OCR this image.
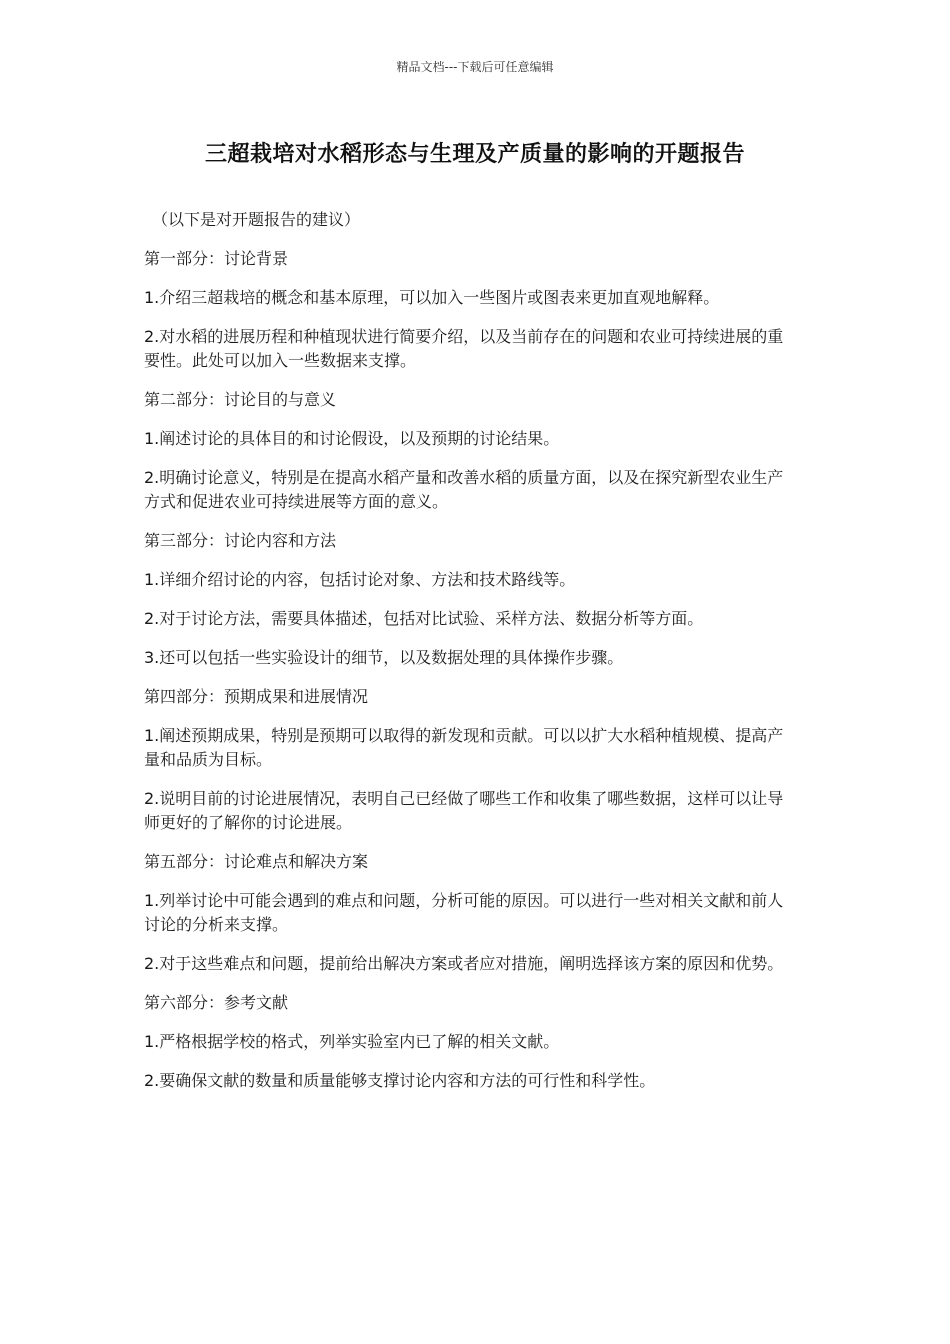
精品文档---下载后可任意编辑
三超栽培对水稻形态与生理及产质量的影响的开题报告

（以下是对开题报告的建议）

第一部分：讨论背景

1.介绍三超栽培的概念和基本原理，可以加入一些图片或图表来更加直观地解释。

2.对水稻的进展历程和种植现状进行简要介绍，以及当前存在的问题和农业可持续进展的重要性。此处可以加入一些数据来支撑。

第二部分：讨论目的与意义

1.阐述讨论的具体目的和讨论假设，以及预期的讨论结果。

2.明确讨论意义，特别是在提高水稻产量和改善水稻的质量方面，以及在探究新型农业生产方式和促进农业可持续进展等方面的意义。

第三部分：讨论内容和方法

1.详细介绍讨论的内容，包括讨论对象、方法和技术路线等。

2.对于讨论方法，需要具体描述，包括对比试验、采样方法、数据分析等方面。

3.还可以包括一些实验设计的细节，以及数据处理的具体操作步骤。

第四部分：预期成果和进展情况

1.阐述预期成果，特别是预期可以取得的新发现和贡献。可以以扩大水稻种植规模、提高产量和品质为目标。

2.说明目前的讨论进展情况，表明自己已经做了哪些工作和收集了哪些数据，这样可以让导师更好的了解你的讨论进展。

第五部分：讨论难点和解决方案

1.列举讨论中可能会遇到的难点和问题，分析可能的原因。可以进行一些对相关文献和前人讨论的分析来支撑。

2.对于这些难点和问题，提前给出解决方案或者应对措施，阐明选择该方案的原因和优势。

第六部分：参考文献

1.严格根据学校的格式，列举实验室内已了解的相关文献。

2.要确保文献的数量和质量能够支撑讨论内容和方法的可行性和科学性。
